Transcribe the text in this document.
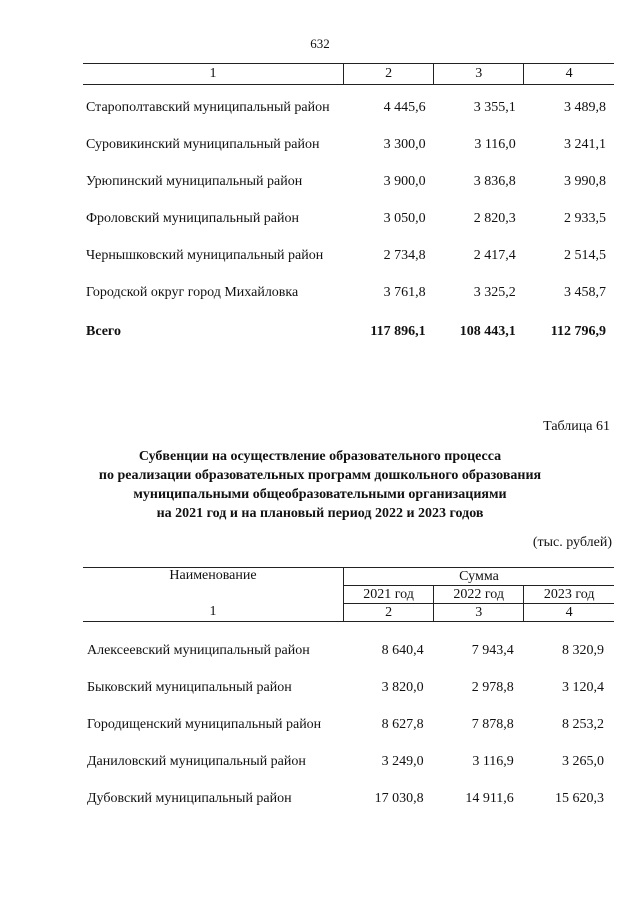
632
1	2	3	4

Старополтавский муниципальный район	4 445,6	3 355,1	3 489,8
Суровикинский муниципальный район	3 300,0	3 116,0	3 241,1
Урюпинский муниципальный район	3 900,0	3 836,8	3 990,8
Фроловский муниципальный район	3 050,0	2 820,3	2 933,5
Чернышковский муниципальный район	2 734,8	2 417,4	2 514,5
Городской округ город Михайловка	3 761,8	3 325,2	3 458,7
Всего	117 896,1	108 443,1	112 796,9
Таблица 61
Субвенции на осуществление образовательного процесса
по реализации образовательных программ дошкольного образования
муниципальными общеобразовательными организациями
на 2021 год и на плановый период 2022 и 2023 годов
(тыс. рублей)
Наименование	Сумма		
	2021 год	2022 год	2023 год
1	2	3	4

Алексеевский муниципальный район	8 640,4	7 943,4	8 320,9
Быковский муниципальный район	3 820,0	2 978,8	3 120,4
Городищенский муниципальный район	8 627,8	7 878,8	8 253,2
Даниловский муниципальный район	3 249,0	3 116,9	3 265,0
Дубовский муниципальный район	17 030,8	14 911,6	15 620,3
